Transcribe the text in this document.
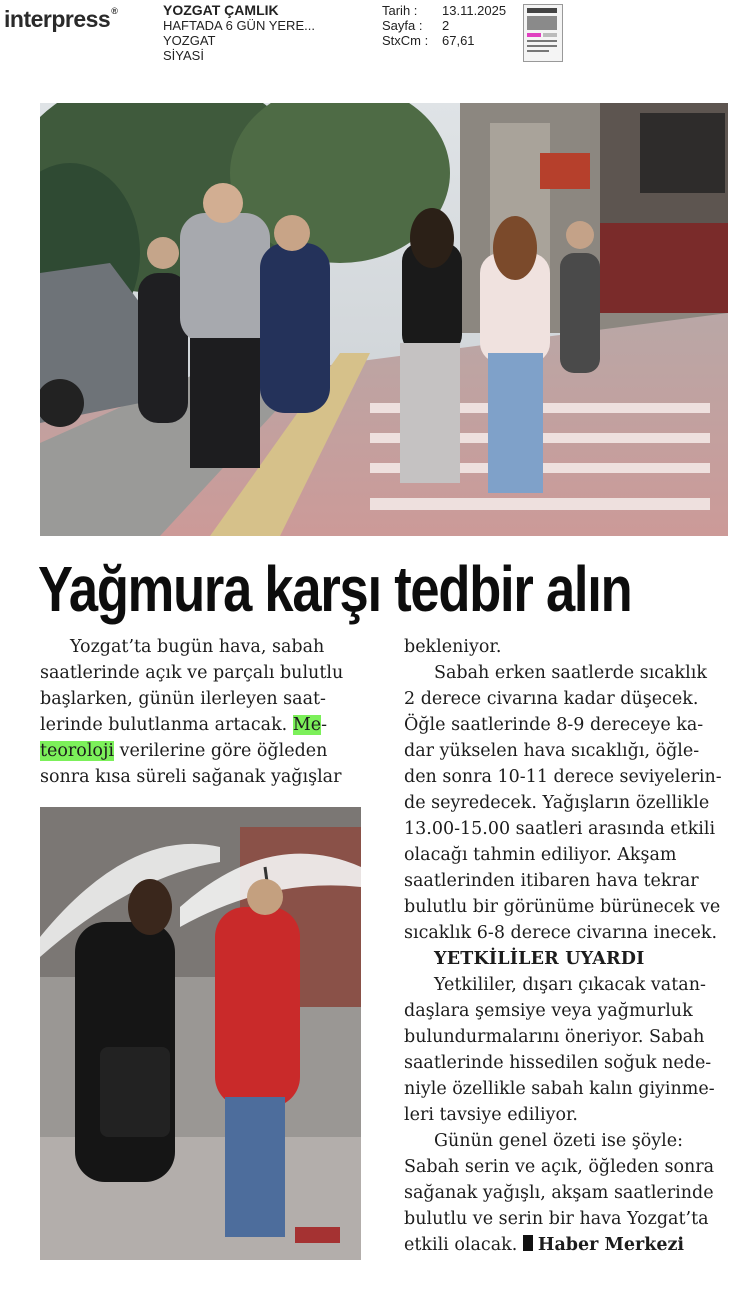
interpress®	YOZGAT ÇAMLIK
HAFTADA 6 GÜN YERE...
YOZGAT
SİYASİ
Tarih :	13.11.2025
Sayfa :	2
StxCm :	67,61
Yağmura karşı tedbir alın
Yozgat’ta bugün hava, sabah
saatlerinde açık ve parçalı bulutlu
başlarken, günün ilerleyen saat-
lerinde bulutlanma artacak. Me-
teoroloji verilerine göre öğleden
sonra kısa süreli sağanak yağışlar
bekleniyor.
Sabah erken saatlerde sıcaklık
2 derece civarına kadar düşecek.
Öğle saatlerinde 8-9 dereceye ka-
dar yükselen hava sıcaklığı, öğle-
den sonra 10-11 derece seviyelerin-
de seyredecek. Yağışların özellikle
13.00-15.00 saatleri arasında etkili
olacağı tahmin ediliyor. Akşam
saatlerinden itibaren hava tekrar
bulutlu bir görünüme bürünecek ve
sıcaklık 6-8 derece civarına inecek.
YETKİLİLER UYARDI
Yetkililer, dışarı çıkacak vatan-
daşlara şemsiye veya yağmurluk
bulundurmalarını öneriyor. Sabah
saatlerinde hissedilen soğuk nede-
niyle özellikle sabah kalın giyinme-
leri tavsiye ediliyor.
Günün genel özeti ise şöyle:
Sabah serin ve açık, öğleden sonra
sağanak yağışlı, akşam saatlerinde
bulutlu ve serin bir hava Yozgat’ta
etkili olacak. Haber Merkezi
